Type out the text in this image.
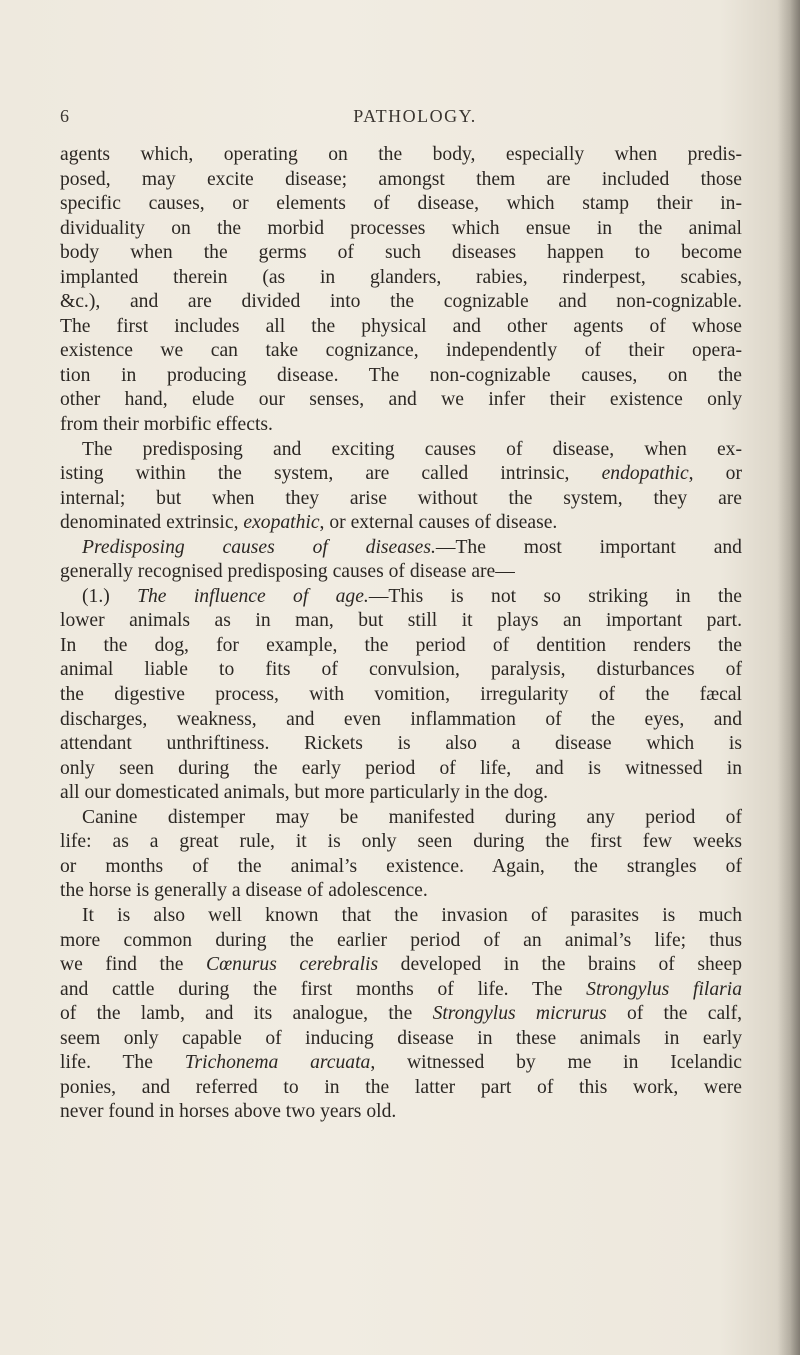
6	PATHOLOGY.
agents which, operating on the body, especially when predis-
posed, may excite disease; amongst them are included those
specific causes, or elements of disease, which stamp their in-
dividuality on the morbid processes which ensue in the animal
body when the germs of such diseases happen to become
implanted therein (as in glanders, rabies, rinderpest, scabies,
&c.), and are divided into the cognizable and non-cognizable.
The first includes all the physical and other agents of whose
existence we can take cognizance, independently of their opera-
tion in producing disease. The non-cognizable causes, on the
other hand, elude our senses, and we infer their existence only
from their morbific effects.
The predisposing and exciting causes of disease, when ex-
isting within the system, are called intrinsic, endopathic, or
internal; but when they arise without the system, they are
denominated extrinsic, exopathic, or external causes of disease.
Predisposing causes of diseases.—The most important and
generally recognised predisposing causes of disease are—
(1.) The influence of age.—This is not so striking in the
lower animals as in man, but still it plays an important part.
In the dog, for example, the period of dentition renders the
animal liable to fits of convulsion, paralysis, disturbances of
the digestive process, with vomition, irregularity of the fæcal
discharges, weakness, and even inflammation of the eyes, and
attendant unthriftiness. Rickets is also a disease which is
only seen during the early period of life, and is witnessed in
all our domesticated animals, but more particularly in the dog.
Canine distemper may be manifested during any period of
life: as a great rule, it is only seen during the first few weeks
or months of the animal’s existence. Again, the strangles of
the horse is generally a disease of adolescence.
It is also well known that the invasion of parasites is much
more common during the earlier period of an animal’s life; thus
we find the Cœnurus cerebralis developed in the brains of sheep
and cattle during the first months of life. The Strongylus filaria
of the lamb, and its analogue, the Strongylus micrurus of the calf,
seem only capable of inducing disease in these animals in early
life. The Trichonema arcuata, witnessed by me in Icelandic
ponies, and referred to in the latter part of this work, were
never found in horses above two years old.
